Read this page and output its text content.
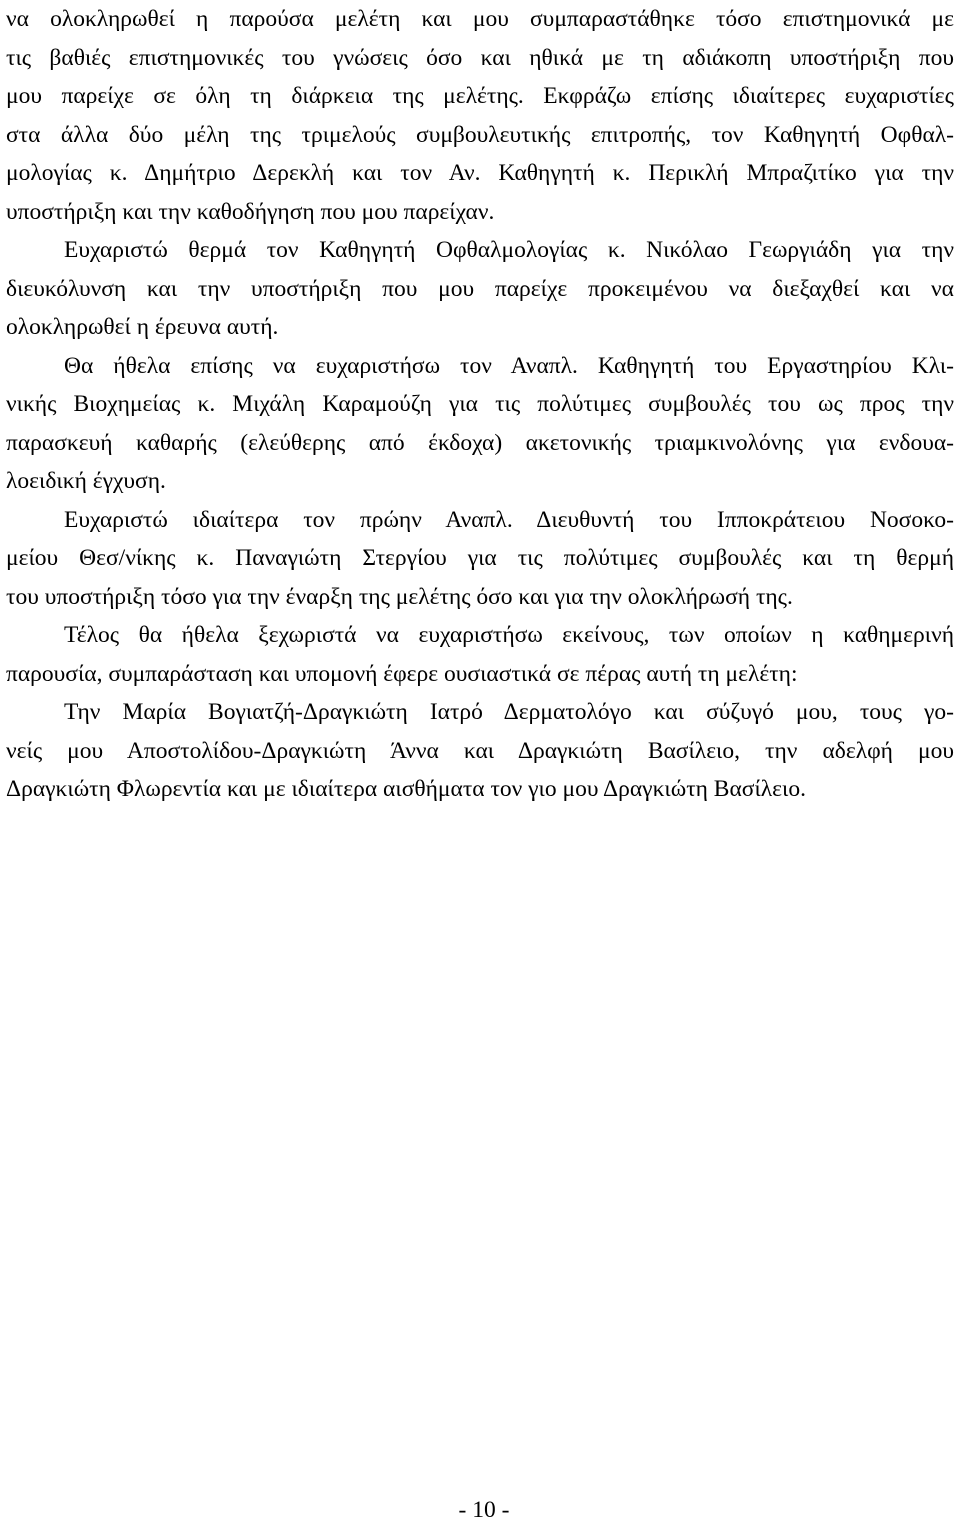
να ολοκληρωθεί η παρούσα μελέτη και μου συμπαραστάθηκε τόσο επιστημονικά με
τις βαθιές επιστημονικές του γνώσεις όσο και ηθικά με τη αδιάκοπη υποστήριξη που
μου παρείχε σε όλη τη διάρκεια της μελέτης. Εκφράζω επίσης ιδιαίτερες ευχαριστίες
στα άλλα δύο μέλη της τριμελούς συμβουλευτικής επιτροπής, τον Καθηγητή Οφθαλ-
μολογίας κ. Δημήτριο Δερεκλή και τον Αν. Καθηγητή κ. Περικλή Μπραζιτίκο για την
υποστήριξη και την καθοδήγηση που μου παρείχαν.
Ευχαριστώ θερμά τον Καθηγητή Οφθαλμολογίας κ. Νικόλαο Γεωργιάδη για την
διευκόλυνση και την υποστήριξη που μου παρείχε προκειμένου να διεξαχθεί και να
ολοκληρωθεί η έρευνα αυτή.
Θα ήθελα επίσης να ευχαριστήσω τον Αναπλ. Καθηγητή του Εργαστηρίου Κλι-
νικής Βιοχημείας κ. Μιχάλη Καραμούζη για τις πολύτιμες συμβουλές του ως προς την
παρασκευή καθαρής (ελεύθερης από έκδοχα) ακετονικής τριαμκινολόνης για ενδουα-
λοειδική έγχυση.
Ευχαριστώ ιδιαίτερα τον πρώην Αναπλ. Διευθυντή του Ιπποκράτειου Νοσοκο-
μείου Θεσ/νίκης κ. Παναγιώτη Στεργίου για τις πολύτιμες συμβουλές και τη θερμή
του υποστήριξη τόσο για την έναρξη της μελέτης όσο και για την ολοκλήρωσή της.
Τέλος θα ήθελα ξεχωριστά να ευχαριστήσω εκείνους, των οποίων η καθημερινή
παρουσία, συμπαράσταση και υπομονή έφερε ουσιαστικά σε πέρας αυτή τη μελέτη:
Την Μαρία Βογιατζή-Δραγκιώτη Ιατρό Δερματολόγο και σύζυγό μου, τους γο-
νείς μου Αποστολίδου-Δραγκιώτη Άννα και Δραγκιώτη Βασίλειο, την αδελφή μου
Δραγκιώτη Φλωρεντία και με ιδιαίτερα αισθήματα τον γιο μου Δραγκιώτη Βασίλειο.
- 10 -
